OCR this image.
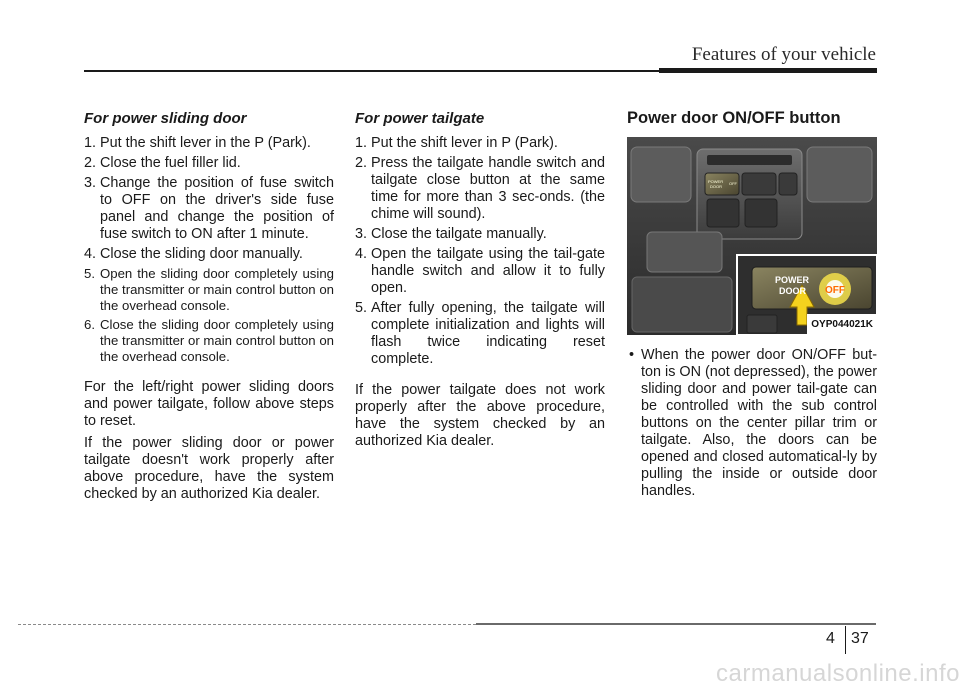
Features of your vehicle
For power sliding door
1. Put the shift lever in the P (Park).
2. Close the fuel filler lid.
3. Change the position of fuse switch to OFF on the driver's side fuse panel and change the position of fuse switch to ON after 1 minute.
4. Close the sliding door manually.
5. Open the sliding door completely using the transmitter or main control button on the overhead console.
6. Close the sliding door completely using the transmitter or main control button on the overhead console.

For the left/right power sliding doors and power tailgate, follow above steps to reset.

If the power sliding door or power tailgate doesn't work properly after above procedure, have the system checked by an authorized Kia dealer.

For power tailgate
1. Put the shift lever in P (Park).
2. Press the tailgate handle switch and tailgate close button at the same time for more than 3 sec-onds. (the chime will sound).
3. Close the tailgate manually.
4. Open the tailgate using the tail-gate handle switch and allow it to fully open.
5. After fully opening, the tailgate will complete initialization and lights will flash twice indicating reset complete.

If the power tailgate does not work properly after the above procedure, have the system checked by an authorized Kia dealer.

Power door ON/OFF button
POWER
DOOR OFF
POWER
DOOR
OFF
OYP044021K
• When the power door ON/OFF but-ton is ON (not depressed), the power sliding door and power tail-gate can be controlled with the sub control buttons on the center pillar trim or tailgate. Also, the doors can be opened and closed automatical-ly by pulling the inside or outside door handles.
4 37
carmanualsonline.info
